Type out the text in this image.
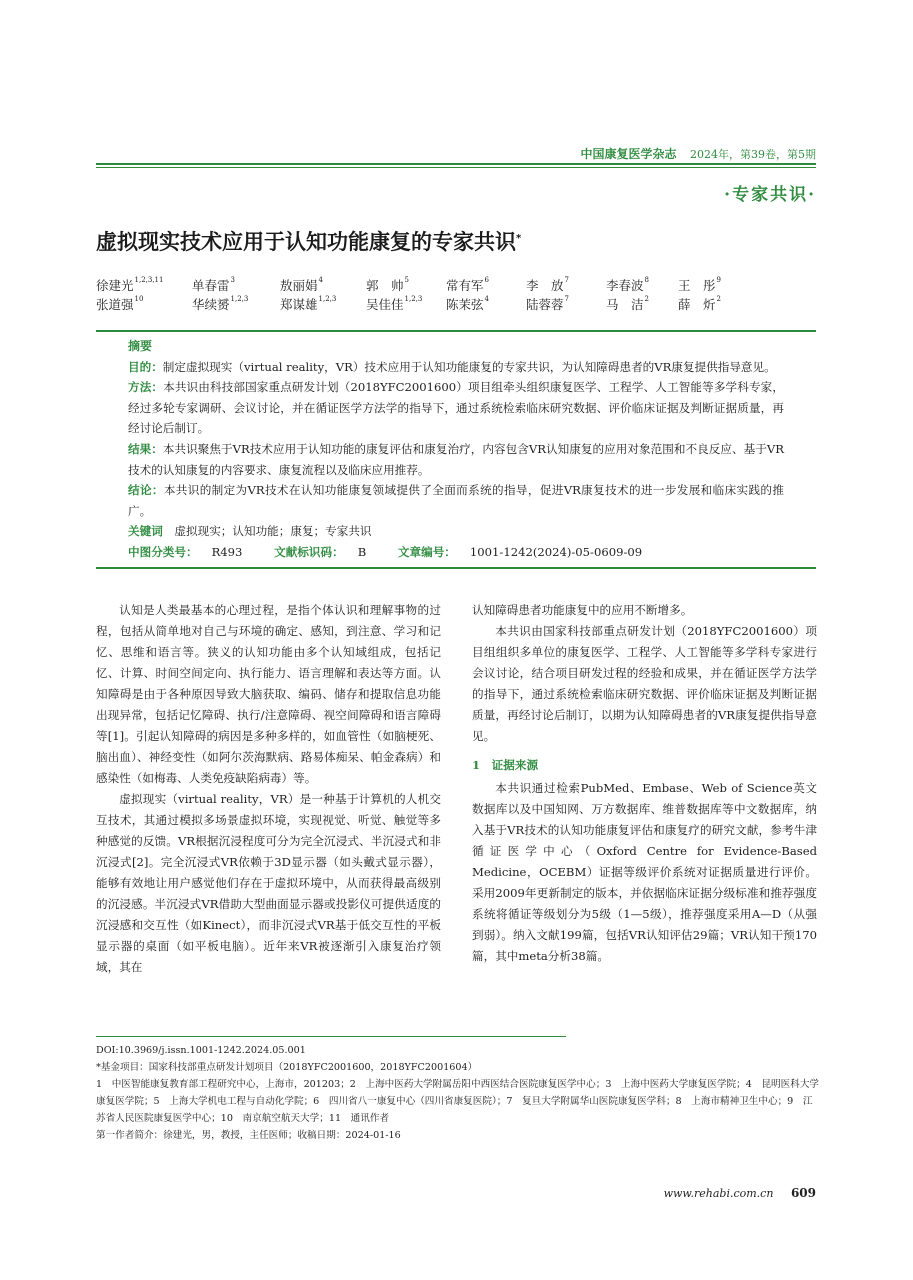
中国康复医学杂志 2024年，第39卷，第5期
·专家共识·
虚拟现实技术应用于认知功能康复的专家共识*
徐建光$^{1,2,3,11}$	单春雷$^3$	敖丽娟$^4$	郭　帅$^5$	常有军$^6$	李　放$^7$	李春波$^8$	王　彤$^9$
张道强$^{10}$	华续赟$^{1,2,3}$	郑谋雄$^{1,2,3}$	吴佳佳$^{1,2,3}$	陈茉弦$^4$	陆蓉蓉$^7$	马　洁$^2$	薛　炘$^2$
摘要

目的：制定虚拟现实（virtual reality，VR）技术应用于认知功能康复的专家共识，为认知障碍患者的VR康复提供指导意见。

方法：本共识由科技部国家重点研发计划（2018YFC2001600）项目组牵头组织康复医学、工程学、人工智能等多学科专家，经过多轮专家调研、会议讨论，并在循证医学方法学的指导下，通过系统检索临床研究数据、评价临床证据及判断证据质量，再经讨论后制订。

结果：本共识聚焦于VR技术应用于认知功能的康复评估和康复治疗，内容包含VR认知康复的应用对象范围和不良反应、基于VR技术的认知康复的内容要求、康复流程以及临床应用推荐。

结论：本共识的制定为VR技术在认知功能康复领域提供了全面而系统的指导，促进VR康复技术的进一步发展和临床实践的推广。

关键词　 虚拟现实；认知功能；康复；专家共识

中图分类号： R493	文献标识码： B	文章编号： 1001-1242(2024)-05-0609-09

认知是人类最基本的心理过程，是指个体认识和理解事物的过程，包括从简单地对自己与环境的确定、感知，到注意、学习和记忆、思维和语言等。狭义的认知功能由多个认知域组成，包括记忆、计算、时间空间定向、执行能力、语言理解和表达等方面。认知障碍是由于各种原因导致大脑获取、编码、储存和提取信息功能出现异常，包括记忆障碍、执行/注意障碍、视空间障碍和语言障碍等[1]。引起认知障碍的病因是多种多样的，如血管性（如脑梗死、脑出血）、神经变性（如阿尔茨海默病、路易体痴呆、帕金森病）和感染性（如梅毒、人类免疫缺陷病毒）等。

虚拟现实（virtual reality，VR）是一种基于计算机的人机交互技术，其通过模拟多场景虚拟环境，实现视觉、听觉、触觉等多种感觉的反馈。VR根据沉浸程度可分为完全沉浸式、半沉浸式和非沉浸式[2]。完全沉浸式VR依赖于3D显示器（如头戴式显示器），能够有效地让用户感觉他们存在于虚拟环境中，从而获得最高级别的沉浸感。半沉浸式VR借助大型曲面显示器或投影仪可提供适度的沉浸感和交互性（如Kinect），而非沉浸式VR基于低交互性的平板显示器的桌面（如平板电脑）。近年来VR被逐渐引入康复治疗领域，其在

认知障碍患者功能康复中的应用不断增多。

本共识由国家科技部重点研发计划（2018YFC2001600）项目组组织多单位的康复医学、工程学、人工智能等多学科专家进行会议讨论，结合项目研发过程的经验和成果，并在循证医学方法学的指导下，通过系统检索临床研究数据、评价临床证据及判断证据质量，再经讨论后制订，以期为认知障碍患者的VR康复提供指导意见。

1　证据来源

本共识通过检索PubMed、Embase、Web of Science英文数据库以及中国知网、万方数据库、维普数据库等中文数据库，纳入基于VR技术的认知功能康复评估和康复疗的研究文献，参考牛津循证医学中心（Oxford Centre for Evidence-Based Medicine，OCEBM）证据等级评价系统对证据质量进行评价。采用2009年更新制定的版本，并依据临床证据分级标准和推荐强度系统将循证等级划分为5级（1—5级），推荐强度采用A—D（从强到弱）。纳入文献199篇，包括VR认知评估29篇；VR认知干预170篇，其中meta分析38篇。

DOI:10.3969/j.issn.1001-1242.2024.05.001
*基金项目：国家科技部重点研发计划项目（2018YFC2001600，2018YFC2001604）
1　中医智能康复教育部工程研究中心，上海市，201203；2　上海中医药大学附属岳阳中西医结合医院康复医学中心；3　上海中医药大学康复医学院；4　昆明医科大学康复医学院；5　上海大学机电工程与自动化学院；6　四川省八一康复中心（四川省康复医院）；7　复旦大学附属华山医院康复医学科；8　上海市精神卫生中心；9　江苏省人民医院康复医学中心；10　南京航空航天大学；11　通讯作者
第一作者简介：徐建光，男，教授，主任医师；收稿日期：2024-01-16
www.rehabi.com.cn 609
